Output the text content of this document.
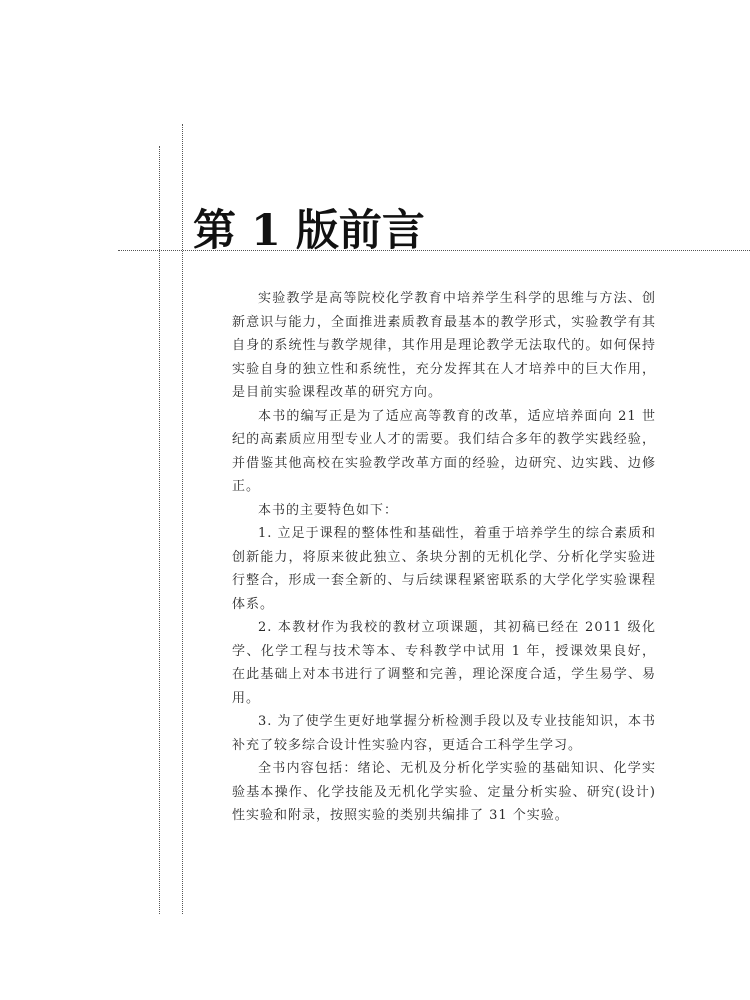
第 1 版前言

实验教学是高等院校化学教育中培养学生科学的思维与方法、创新意识与能力，全面推进素质教育最基本的教学形式，实验教学有其自身的系统性与教学规律，其作用是理论教学无法取代的。如何保持实验自身的独立性和系统性，充分发挥其在人才培养中的巨大作用，是目前实验课程改革的研究方向。

本书的编写正是为了适应高等教育的改革，适应培养面向 21 世纪的高素质应用型专业人才的需要。我们结合多年的教学实践经验，并借鉴其他高校在实验教学改革方面的经验，边研究、边实践、边修正。

本书的主要特色如下：

1. 立足于课程的整体性和基础性，着重于培养学生的综合素质和创新能力，将原来彼此独立、条块分割的无机化学、分析化学实验进行整合，形成一套全新的、与后续课程紧密联系的大学化学实验课程体系。

2. 本教材作为我校的教材立项课题，其初稿已经在 2011 级化学、化学工程与技术等本、专科教学中试用 1 年，授课效果良好，在此基础上对本书进行了调整和完善，理论深度合适，学生易学、易用。

3. 为了使学生更好地掌握分析检测手段以及专业技能知识，本书补充了较多综合设计性实验内容，更适合工科学生学习。

全书内容包括：绪论、无机及分析化学实验的基础知识、化学实验基本操作、化学技能及无机化学实验、定量分析实验、研究(设计)性实验和附录，按照实验的类别共编排了 31 个实验。
